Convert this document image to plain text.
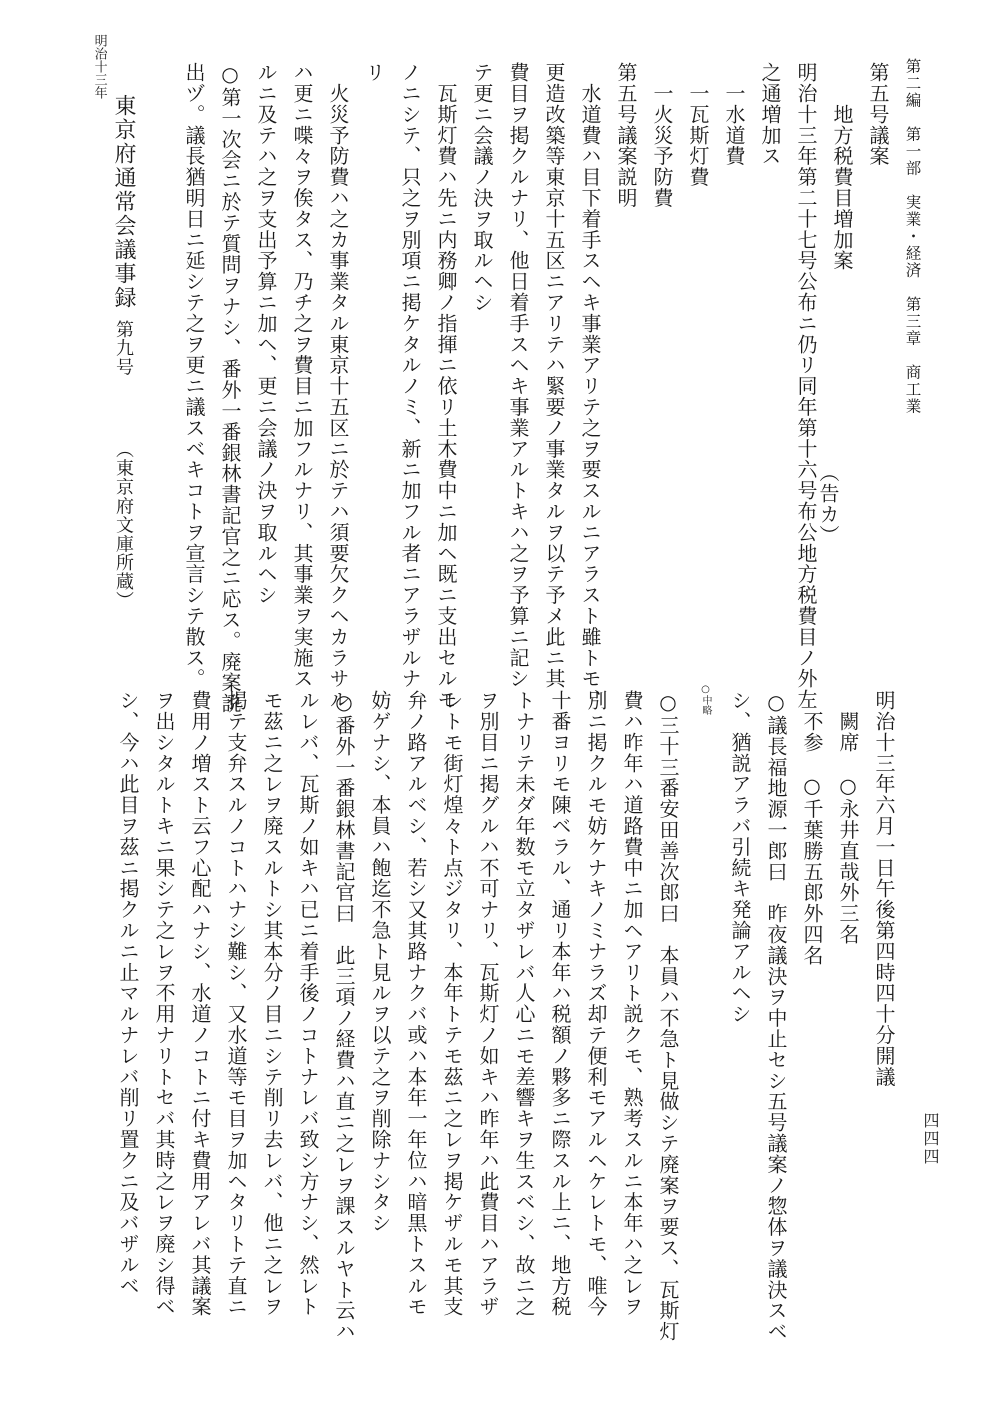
第二編　第一部　実業・経済　第三章　商工業
四四四
第五号議案
　　地方税費目増加案
明治十三年第二十七号公布ニ仍リ同年第十六号布公地方税費目ノ外左
（告カ）
之通増加ス
　一水道費
　一瓦斯灯費
　一火災予防費
第五号議案説明
　水道費ハ目下着手スヘキ事業アリテ之ヲ要スルニアラスト雖トモ、
更造改築等東京十五区ニアリテハ緊要ノ事業タルヲ以テ予メ此ニ其
費目ヲ掲クルナリ、他日着手スヘキ事業アルトキハ之ヲ予算ニ記シ
テ更ニ会議ノ決ヲ取ルヘシ
　瓦斯灯費ハ先ニ内務卿ノ指揮ニ依リ土木費中ニ加ヘ既ニ支出セルモ
ノニシテ、只之ヲ別項ニ掲ケタルノミ、新ニ加フル者ニアラザルナ
リ
　火災予防費ハ之カ事業タル東京十五区ニ於テハ須要欠クヘカラサル
ハ更ニ喋々ヲ俟タス、乃チ之ヲ費目ニ加フルナリ、其事業ヲ実施ス
ルニ及テハ之ヲ支出予算ニ加ヘ、更ニ会議ノ決ヲ取ルヘシ
○第一次会ニ於テ質問ヲナシ、番外一番銀林書記官之ニ応ス。廃案説
出ヅ。議長猶明日ニ延シテ之ヲ更ニ議スベキコトヲ宣言シテ散ス。
明治十三年
東京府通常会議事録
第九号
（東京府文庫所蔵）
明治十三年六月一日午後第四時四十分開議
　闕席　○永井直哉外三名
　不参　○千葉勝五郎外四名
○議長福地源一郎曰　昨夜議決ヲ中止セシ五号議案ノ惣体ヲ議決スベ
シ、猶説アラバ引続キ発論アルヘシ
○中略
○三十三番安田善次郎曰　本員ハ不急ト見做シテ廃案ヲ要ス、瓦斯灯
費ハ昨年ハ道路費中ニ加ヘアリト説クモ、熟考スルニ本年ハ之レヲ
別ニ掲クルモ妨ケナキノミナラズ却テ便利モアルヘケレトモ、唯今
十番ヨリモ陳ベラル、通リ本年ハ税額ノ夥多ニ際スル上ニ、地方税
トナリテ未ダ年数モ立タザレバ人心ニモ差響キヲ生スベシ、故ニ之
ヲ別目ニ掲グルハ不可ナリ、瓦斯灯ノ如キハ昨年ハ此費目ハアラザ
レトモ街灯煌々ト点ジタリ、本年トテモ茲ニ之レヲ掲ケザルモ其支
弁ノ路アルベシ、若シ又其路ナクバ或ハ本年一年位ハ暗黒トスルモ
妨ゲナシ、本員ハ飽迄不急ト見ルヲ以テ之ヲ削除ナシタシ
○番外一番銀林書記官曰　此三項ノ経費ハ直ニ之レヲ課スルヤト云ハ
ルレバ、瓦斯ノ如キハ已ニ着手後ノコトナレバ致シ方ナシ、然レト
モ茲ニ之レヲ廃スルトシ其本分ノ目ニシテ削リ去レバ、他ニ之レヲ
掲テ支弁スルノコトハナシ難シ、又水道等モ目ヲ加ヘタリトテ直ニ
費用ノ増スト云フ心配ハナシ、水道ノコトニ付キ費用アレバ其議案
ヲ出シタルトキニ果シテ之レヲ不用ナリトセバ其時之レヲ廃シ得ベ
シ、今ハ此目ヲ茲ニ掲クルニ止マルナレバ削リ置クニ及バザルベ
